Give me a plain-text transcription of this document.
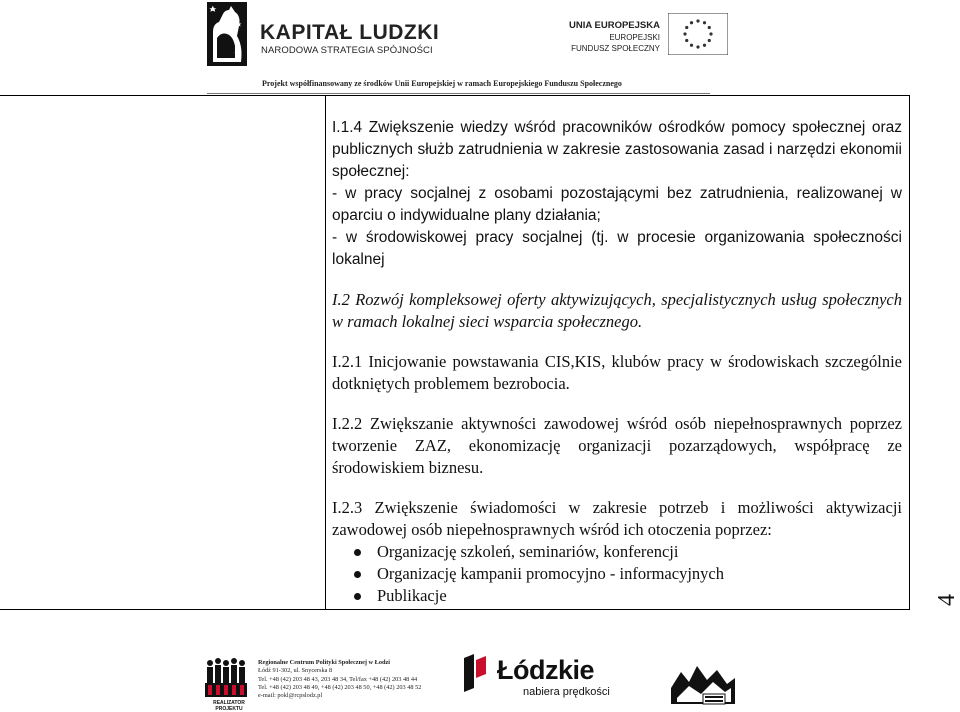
KAPITAŁ LUDZKI
NARODOWA STRATEGIA SPÓJNOŚCI
UNIA EUROPEJSKA
EUROPEJSKI
FUNDUSZ SPOŁECZNY
Projekt współfinansowany ze środków Unii Europejskiej w ramach Europejskiego Funduszu Społecznego

I.1.4 Zwiększenie wiedzy wśród pracowników ośrodków pomocy społecznej oraz publicznych służb zatrudnienia w zakresie zastosowania zasad i narzędzi ekonomii społecznej:

- w pracy socjalnej z osobami pozostającymi bez zatrudnienia, realizowanej w oparciu o indywidualne plany działania;

- w środowiskowej pracy socjalnej (tj. w procesie organizowania społeczności lokalnej

I.2 Rozwój kompleksowej oferty aktywizujących, specjalistycznych usług społecznych w ramach lokalnej sieci wsparcia społecznego.

I.2.1 Inicjowanie powstawania CIS,KIS, klubów pracy w środowiskach szczególnie dotkniętych problemem bezrobocia.

I.2.2 Zwiększanie aktywności zawodowej wśród osób niepełnosprawnych poprzez tworzenie ZAZ, ekonomizację organizacji pozarządowych, współpracę ze środowiskiem biznesu.

I.2.3 Zwiększenie świadomości w zakresie potrzeb i możliwości aktywizacji zawodowej osób niepełnosprawnych wśród ich otoczenia poprzez:

Organizację szkoleń, seminariów, konferencji
Organizację kampanii promocyjno - informacyjnych
Publikacje	4
REALIZATOR PROJEKTU
Regionalne Centrum Polityki Społecznej w Łodzi
Łódź 91-302, ul. Snycerska 8
Tel. +48 (42) 203 48 43, 203 48 34, Tel/fax +48 (42) 203 48 44
Tel. +48 (42) 203 48 49, +48 (42) 203 48 50, +48 (42) 203 48 52
e-mail: pokl@rcpslodz.pl
Łódzkie
nabiera prędkości
